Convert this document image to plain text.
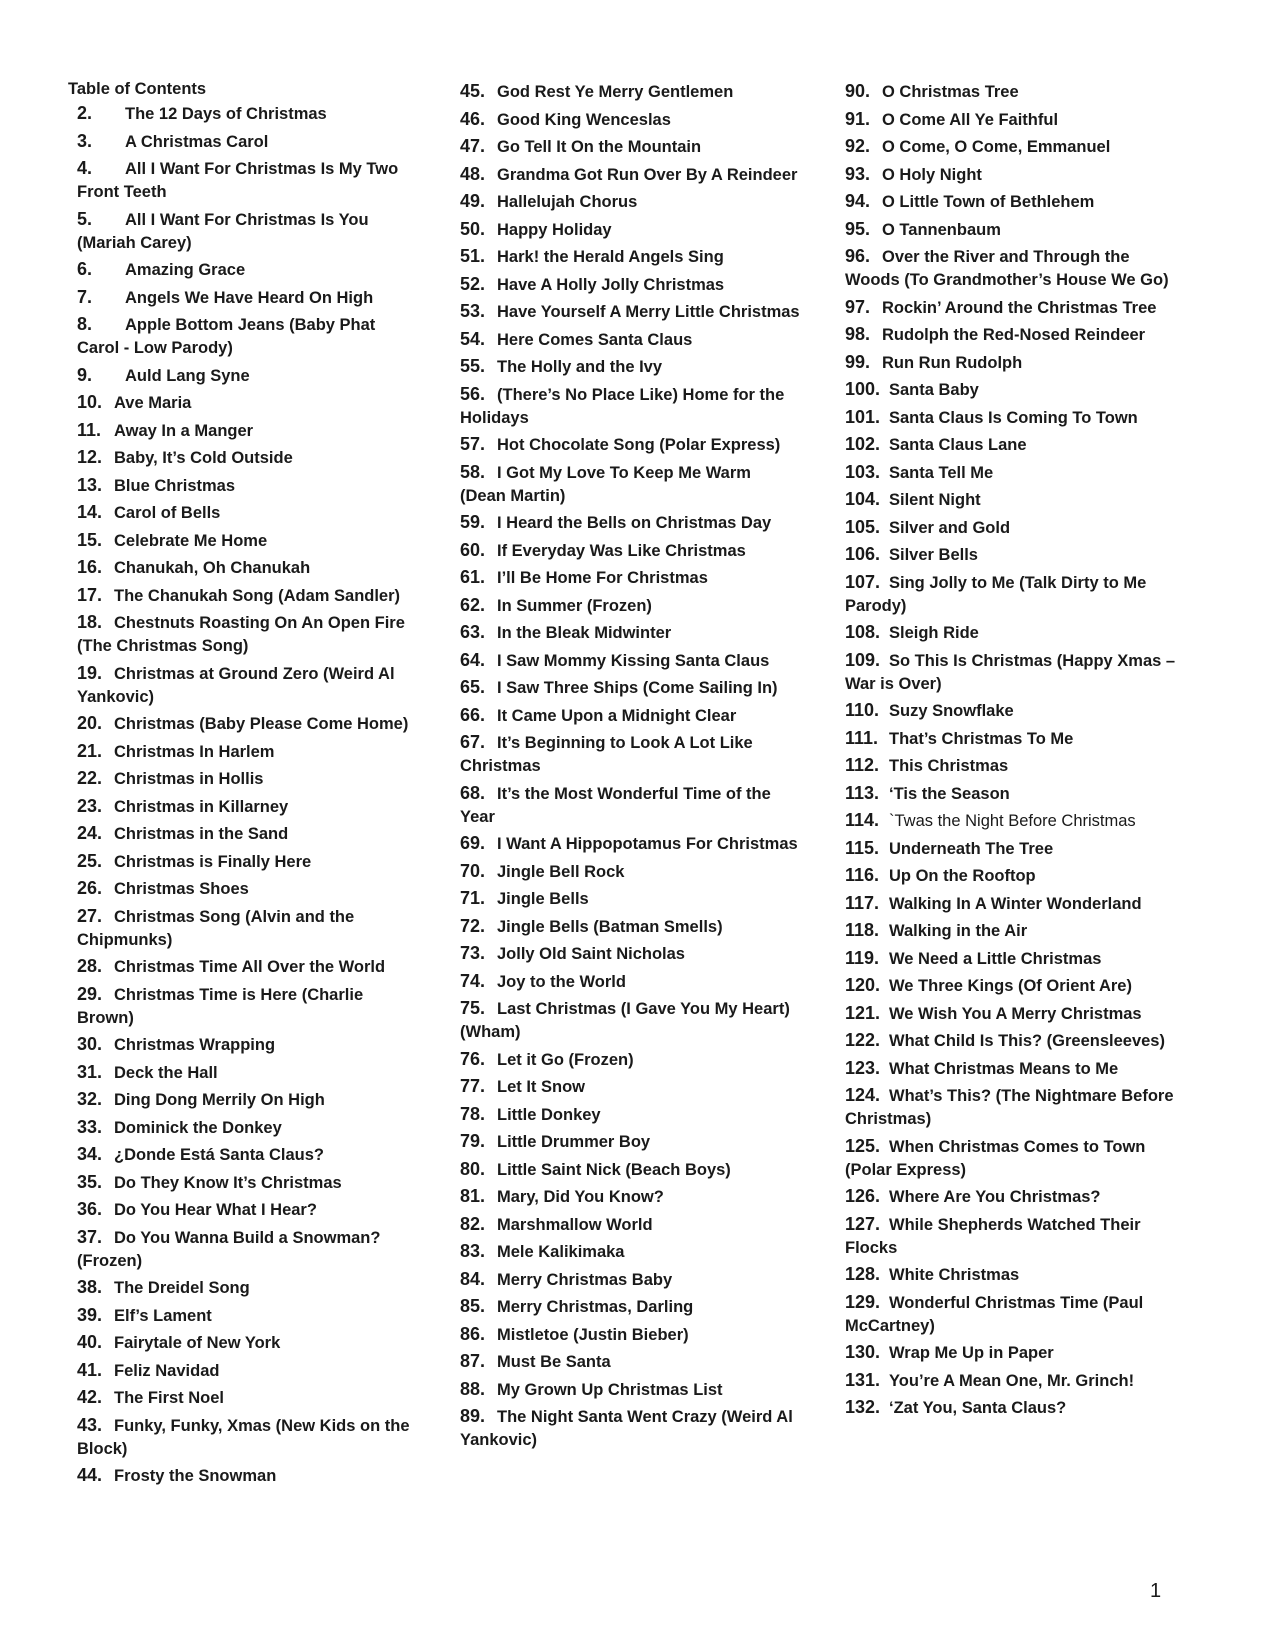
Table of Contents
2. The 12 Days of Christmas
3. A Christmas Carol
4. All I Want For Christmas Is My Two Front Teeth
5. All I Want For Christmas Is You (Mariah Carey)
6. Amazing Grace
7. Angels We Have Heard On High
8. Apple Bottom Jeans (Baby Phat Carol - Low Parody)
9. Auld Lang Syne
10. Ave Maria
11. Away In a Manger
12. Baby, It’s Cold Outside
13. Blue Christmas
14. Carol of Bells
15. Celebrate Me Home
16. Chanukah, Oh Chanukah
17. The Chanukah Song (Adam Sandler)
18. Chestnuts Roasting On An Open Fire (The Christmas Song)
19. Christmas at Ground Zero (Weird Al Yankovic)
20. Christmas (Baby Please Come Home)
21. Christmas In Harlem
22. Christmas in Hollis
23. Christmas in Killarney
24. Christmas in the Sand
25. Christmas is Finally Here
26. Christmas Shoes
27. Christmas Song (Alvin and the Chipmunks)
28. Christmas Time All Over the World
29. Christmas Time is Here (Charlie Brown)
30. Christmas Wrapping
31. Deck the Hall
32. Ding Dong Merrily On High
33. Dominick the Donkey
34. ¿Donde Está Santa Claus?
35. Do They Know It’s Christmas
36. Do You Hear What I Hear?
37. Do You Wanna Build a Snowman? (Frozen)
38. The Dreidel Song
39. Elf’s Lament
40. Fairytale of New York
41. Feliz Navidad
42. The First Noel
43. Funky, Funky, Xmas (New Kids on the Block)
44. Frosty the Snowman
45. God Rest Ye Merry Gentlemen
46. Good King Wenceslas
47. Go Tell It On the Mountain
48. Grandma Got Run Over By A Reindeer
49. Hallelujah Chorus
50. Happy Holiday
51. Hark! the Herald Angels Sing
52. Have A Holly Jolly Christmas
53. Have Yourself A Merry Little Christmas
54. Here Comes Santa Claus
55. The Holly and the Ivy
56. (There’s No Place Like) Home for the Holidays
57. Hot Chocolate Song (Polar Express)
58. I Got My Love To Keep Me Warm (Dean Martin)
59. I Heard the Bells on Christmas Day
60. If Everyday Was Like Christmas
61. I’ll Be Home For Christmas
62. In Summer (Frozen)
63. In the Bleak Midwinter
64. I Saw Mommy Kissing Santa Claus
65. I Saw Three Ships (Come Sailing In)
66. It Came Upon a Midnight Clear
67. It’s Beginning to Look A Lot Like Christmas
68. It’s the Most Wonderful Time of the Year
69. I Want A Hippopotamus For Christmas
70. Jingle Bell Rock
71. Jingle Bells
72. Jingle Bells (Batman Smells)
73. Jolly Old Saint Nicholas
74. Joy to the World
75. Last Christmas (I Gave You My Heart) (Wham)
76. Let it Go (Frozen)
77. Let It Snow
78. Little Donkey
79. Little Drummer Boy
80. Little Saint Nick (Beach Boys)
81. Mary, Did You Know?
82. Marshmallow World
83. Mele Kalikimaka
84. Merry Christmas Baby
85. Merry Christmas, Darling
86. Mistletoe (Justin Bieber)
87. Must Be Santa
88. My Grown Up Christmas List
89. The Night Santa Went Crazy (Weird Al Yankovic)
90. O Christmas Tree
91. O Come All Ye Faithful
92. O Come, O Come, Emmanuel
93. O Holy Night
94. O Little Town of Bethlehem
95. O Tannenbaum
96. Over the River and Through the Woods (To Grandmother’s House We Go)
97. Rockin’ Around the Christmas Tree
98. Rudolph the Red-Nosed Reindeer
99. Run Run Rudolph
100. Santa Baby
101. Santa Claus Is Coming To Town
102. Santa Claus Lane
103. Santa Tell Me
104. Silent Night
105. Silver and Gold
106. Silver Bells
107. Sing Jolly to Me (Talk Dirty to Me Parody)
108. Sleigh Ride
109. So This Is Christmas (Happy Xmas – War is Over)
110. Suzy Snowflake
111. That’s Christmas To Me
112. This Christmas
113. ‘Tis the Season
114. `Twas the Night Before Christmas
115. Underneath The Tree
116. Up On the Rooftop
117. Walking In A Winter Wonderland
118. Walking in the Air
119. We Need a Little Christmas
120. We Three Kings (Of Orient Are)
121. We Wish You A Merry Christmas
122. What Child Is This? (Greensleeves)
123. What Christmas Means to Me
124. What’s This? (The Nightmare Before Christmas)
125. When Christmas Comes to Town (Polar Express)
126. Where Are You Christmas?
127. While Shepherds Watched Their Flocks
128. White Christmas
129. Wonderful Christmas Time (Paul McCartney)
130. Wrap Me Up in Paper
131. You’re A Mean One, Mr. Grinch!
132. ‘Zat You, Santa Claus?
1
